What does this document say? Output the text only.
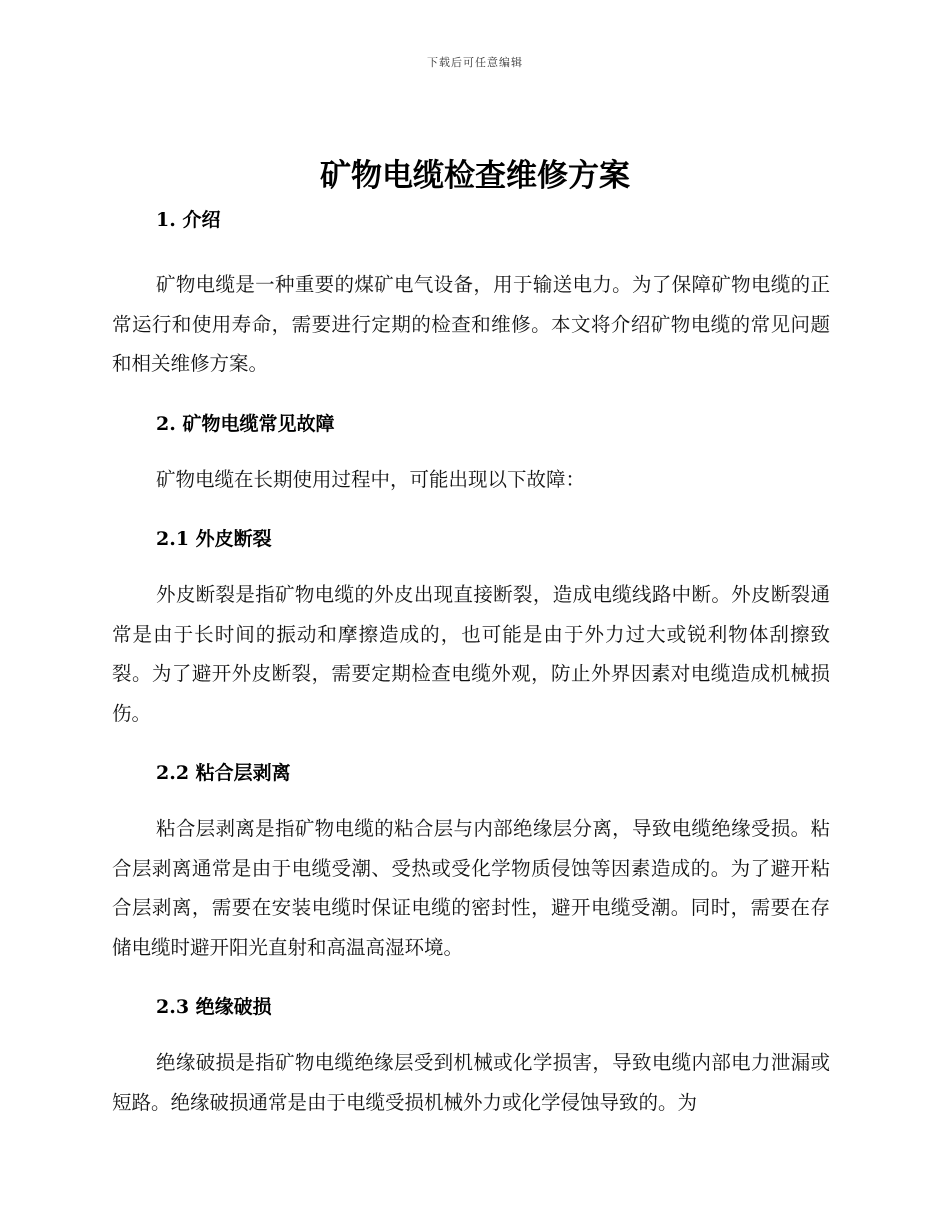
下载后可任意编辑
矿物电缆检查维修方案
1. 介绍

矿物电缆是一种重要的煤矿电气设备，用于输送电力。为了保障矿物电缆的正常运行和使用寿命，需要进行定期的检查和维修。本文将介绍矿物电缆的常见问题和相关维修方案。

2. 矿物电缆常见故障

矿物电缆在长期使用过程中，可能出现以下故障：

2.1 外皮断裂

外皮断裂是指矿物电缆的外皮出现直接断裂，造成电缆线路中断。外皮断裂通常是由于长时间的振动和摩擦造成的，也可能是由于外力过大或锐利物体刮擦致裂。为了避开外皮断裂，需要定期检查电缆外观，防止外界因素对电缆造成机械损伤。

2.2 粘合层剥离

粘合层剥离是指矿物电缆的粘合层与内部绝缘层分离，导致电缆绝缘受损。粘合层剥离通常是由于电缆受潮、受热或受化学物质侵蚀等因素造成的。为了避开粘合层剥离，需要在安装电缆时保证电缆的密封性，避开电缆受潮。同时，需要在存储电缆时避开阳光直射和高温高湿环境。

2.3 绝缘破损

绝缘破损是指矿物电缆绝缘层受到机械或化学损害，导致电缆内部电力泄漏或短路。绝缘破损通常是由于电缆受损机械外力或化学侵蚀导致的。为
